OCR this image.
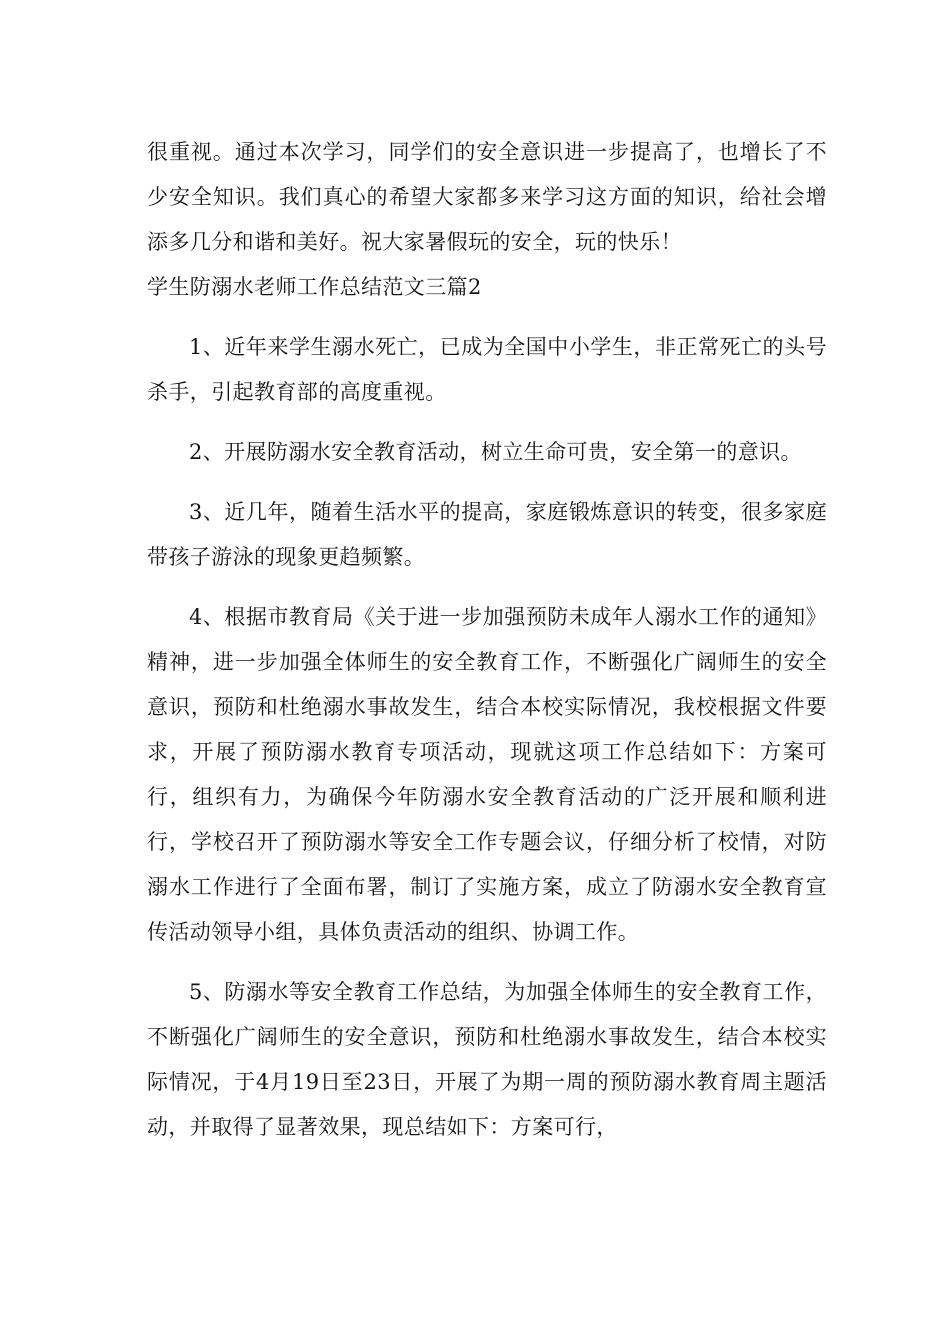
很重视。通过本次学习，同学们的安全意识进一步提高了，也增长了不少安全知识。我们真心的希望大家都多来学习这方面的知识，给社会增添多几分和谐和美好。祝大家暑假玩的安全，玩的快乐！

学生防溺水老师工作总结范文三篇2

1、近年来学生溺水死亡，已成为全国中小学生，非正常死亡的头号杀手，引起教育部的高度重视。

2、开展防溺水安全教育活动，树立生命可贵，安全第一的意识。

3、近几年，随着生活水平的提高，家庭锻炼意识的转变，很多家庭带孩子游泳的现象更趋频繁。

4、根据市教育局《关于进一步加强预防未成年人溺水工作的通知》精神，进一步加强全体师生的安全教育工作，不断强化广阔师生的安全意识，预防和杜绝溺水事故发生，结合本校实际情况，我校根据文件要求，开展了预防溺水教育专项活动，现就这项工作总结如下：方案可行，组织有力，为确保今年防溺水安全教育活动的广泛开展和顺利进行，学校召开了预防溺水等安全工作专题会议，仔细分析了校情，对防溺水工作进行了全面布署，制订了实施方案，成立了防溺水安全教育宣传活动领导小组，具体负责活动的组织、协调工作。

5、防溺水等安全教育工作总结，为加强全体师生的安全教育工作，不断强化广阔师生的安全意识，预防和杜绝溺水事故发生，结合本校实际情况，于4月19日至23日，开展了为期一周的预防溺水教育周主题活动，并取得了显著效果，现总结如下：方案可行，
